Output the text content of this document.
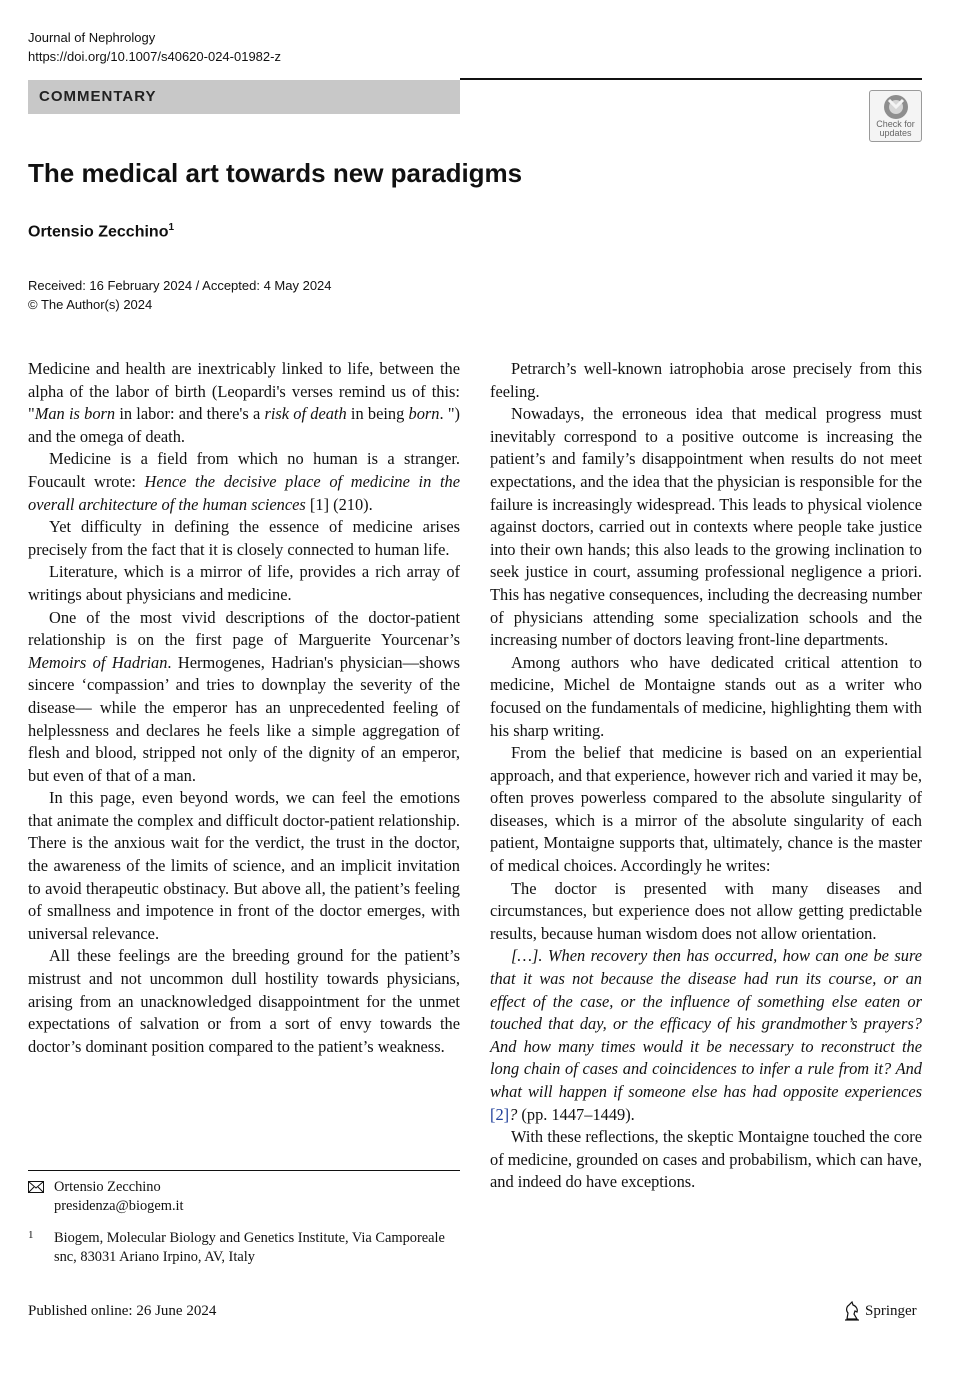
Journal of Nephrology
https://doi.org/10.1007/s40620-024-01982-z
COMMENTARY
Check for
updates
The medical art towards new paradigms
Ortensio Zecchino$^1$
Received: 16 February 2024 / Accepted: 4 May 2024
© The Author(s) 2024

Medicine and health are inextricably linked to life, between the alpha of the labor of birth (Leopardi's verses remind us of this: "Man is born in labor: and there's a risk of death in being born. ") and the omega of death.

Medicine is a field from which no human is a stranger. Foucault wrote: Hence the decisive place of medicine in the overall architecture of the human sciences [1] (210).

Yet difficulty in defining the essence of medicine arises precisely from the fact that it is closely connected to human life.

Literature, which is a mirror of life, provides a rich array of writings about physicians and medicine.

One of the most vivid descriptions of the doctor-patient relationship is on the first page of Marguerite Yourcenar’s Memoirs of Hadrian. Hermogenes, Hadrian's physician—shows sincere ‘compassion’ and tries to downplay the severity of the disease— while the emperor has an unprecedented feeling of helplessness and declares he feels like a simple aggregation of flesh and blood, stripped not only of the dignity of an emperor, but even of that of a man.

In this page, even beyond words, we can feel the emotions that animate the complex and difficult doctor-patient relationship. There is the anxious wait for the verdict, the trust in the doctor, the awareness of the limits of science, and an implicit invitation to avoid therapeutic obstinacy. But above all, the patient’s feeling of smallness and impotence in front of the doctor emerges, with universal relevance.

All these feelings are the breeding ground for the patient’s mistrust and not uncommon dull hostility towards physicians, arising from an unacknowledged disappointment for the unmet expectations of salvation or from a sort of envy towards the doctor’s dominant position compared to the patient’s weakness.

Petrarch’s well-known iatrophobia arose precisely from this feeling.

Nowadays, the erroneous idea that medical progress must inevitably correspond to a positive outcome is increasing the patient’s and family’s disappointment when results do not meet expectations, and the idea that the physician is responsible for the failure is increasingly widespread. This leads to physical violence against doctors, carried out in contexts where people take justice into their own hands; this also leads to the growing inclination to seek justice in court, assuming professional negligence a priori. This has negative consequences, including the decreasing number of physicians attending some specialization schools and the increasing number of doctors leaving front-line departments.

Among authors who have dedicated critical attention to medicine, Michel de Montaigne stands out as a writer who focused on the fundamentals of medicine, highlighting them with his sharp writing.

From the belief that medicine is based on an experiential approach, and that experience, however rich and varied it may be, often proves powerless compared to the absolute singularity of diseases, which is a mirror of the absolute singularity of each patient, Montaigne supports that, ultimately, chance is the master of medical choices. Accordingly he writes:

The doctor is presented with many diseases and circumstances, but experience does not allow getting predictable results, because human wisdom does not allow orientation.

[…]. When recovery then has occurred, how can one be sure that it was not because the disease had run its course, or an effect of the case, or the influence of something else eaten or touched that day, or the efficacy of his grandmother’s prayers? And how many times would it be necessary to reconstruct the long chain of cases and coincidences to infer a rule from it? And what will happen if someone else has had opposite experiences [2]? (pp. 1447–1449).

With these reflections, the skeptic Montaigne touched the core of medicine, grounded on cases and probabilism, which can have, and indeed do have exceptions.

Ortensio Zecchino
presidenza@biogem.it
1 Biogem, Molecular Biology and Genetics Institute, Via Camporeale snc, 83031 Ariano Irpino, AV, Italy
Published online: 26 June 2024	Springer
